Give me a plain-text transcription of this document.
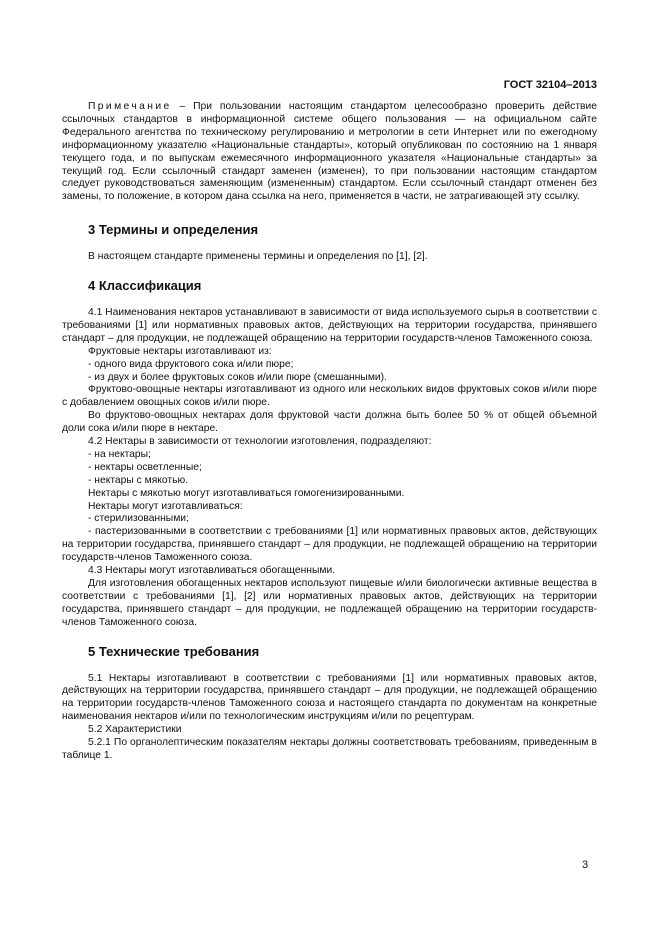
ГОСТ 32104–2013

Примечание – При пользовании настоящим стандартом целесообразно проверить действие ссылочных стандартов в информационной системе общего пользования — на официальном сайте Федерального агентства по техническому регулированию и метрологии в сети Интернет или по ежегодному информационному указателю «Национальные стандарты», который опубликован по состоянию на 1 января текущего года, и по выпускам ежемесячного информационного указателя «Национальные стандарты» за текущий год. Если ссылочный стандарт заменен (изменен), то при пользовании настоящим стандартом следует руководствоваться заменяющим (измененным) стандартом. Если ссылочный стандарт отменен без замены, то положение, в котором дана ссылка на него, применяется в части, не затрагивающей эту ссылку.

3 Термины и определения

В настоящем стандарте применены термины и определения по [1], [2].

4 Классификация

4.1 Наименования нектаров устанавливают в зависимости от вида используемого сырья в соответствии с требованиями [1] или нормативных правовых актов, действующих на территории государства, принявшего стандарт – для продукции, не подлежащей обращению на территории государств-членов Таможенного союза.

Фруктовые нектары изготавливают из:

- одного вида фруктового сока и/или пюре;

- из двух и более фруктовых соков и/или пюре (смешанными).

Фруктово-овощные нектары изготавливают из одного или нескольких видов фруктовых соков и/или пюре с добавлением овощных соков и/или пюре.

Во фруктово-овощных нектарах доля фруктовой части должна быть более 50 % от общей объемной доли сока и/или пюре в нектаре.

4.2 Нектары в зависимости от технологии изготовления, подразделяют:

- на нектары;

- нектары осветленные;

- нектары с мякотью.

Нектары с мякотью могут изготавливаться гомогенизированными.

Нектары могут изготавливаться:

- стерилизованными;

- пастеризованными в соответствии с требованиями [1] или нормативных правовых актов, действующих на территории государства, принявшего стандарт – для продукции, не подлежащей обращению на территории государств-членов Таможенного союза.

4.3 Нектары могут изготавливаться обогащенными.

Для изготовления обогащенных нектаров используют пищевые и/или биологически активные вещества в соответствии с требованиями [1], [2] или нормативных правовых актов, действующих на территории государства, принявшего стандарт – для продукции, не подлежащей обращению на территории государств-членов Таможенного союза.

5 Технические требования

5.1 Нектары изготавливают в соответствии с требованиями [1] или нормативных правовых актов, действующих на территории государства, принявшего стандарт – для продукции, не подлежащей обращению на территории государств-членов Таможенного союза и настоящего стандарта по документам на конкретные наименования нектаров и/или по технологическим инструкциям и/или по рецептурам.

5.2 Характеристики

5.2.1 По органолептическим показателям нектары должны соответствовать требованиям, приведенным в таблице 1.

3
